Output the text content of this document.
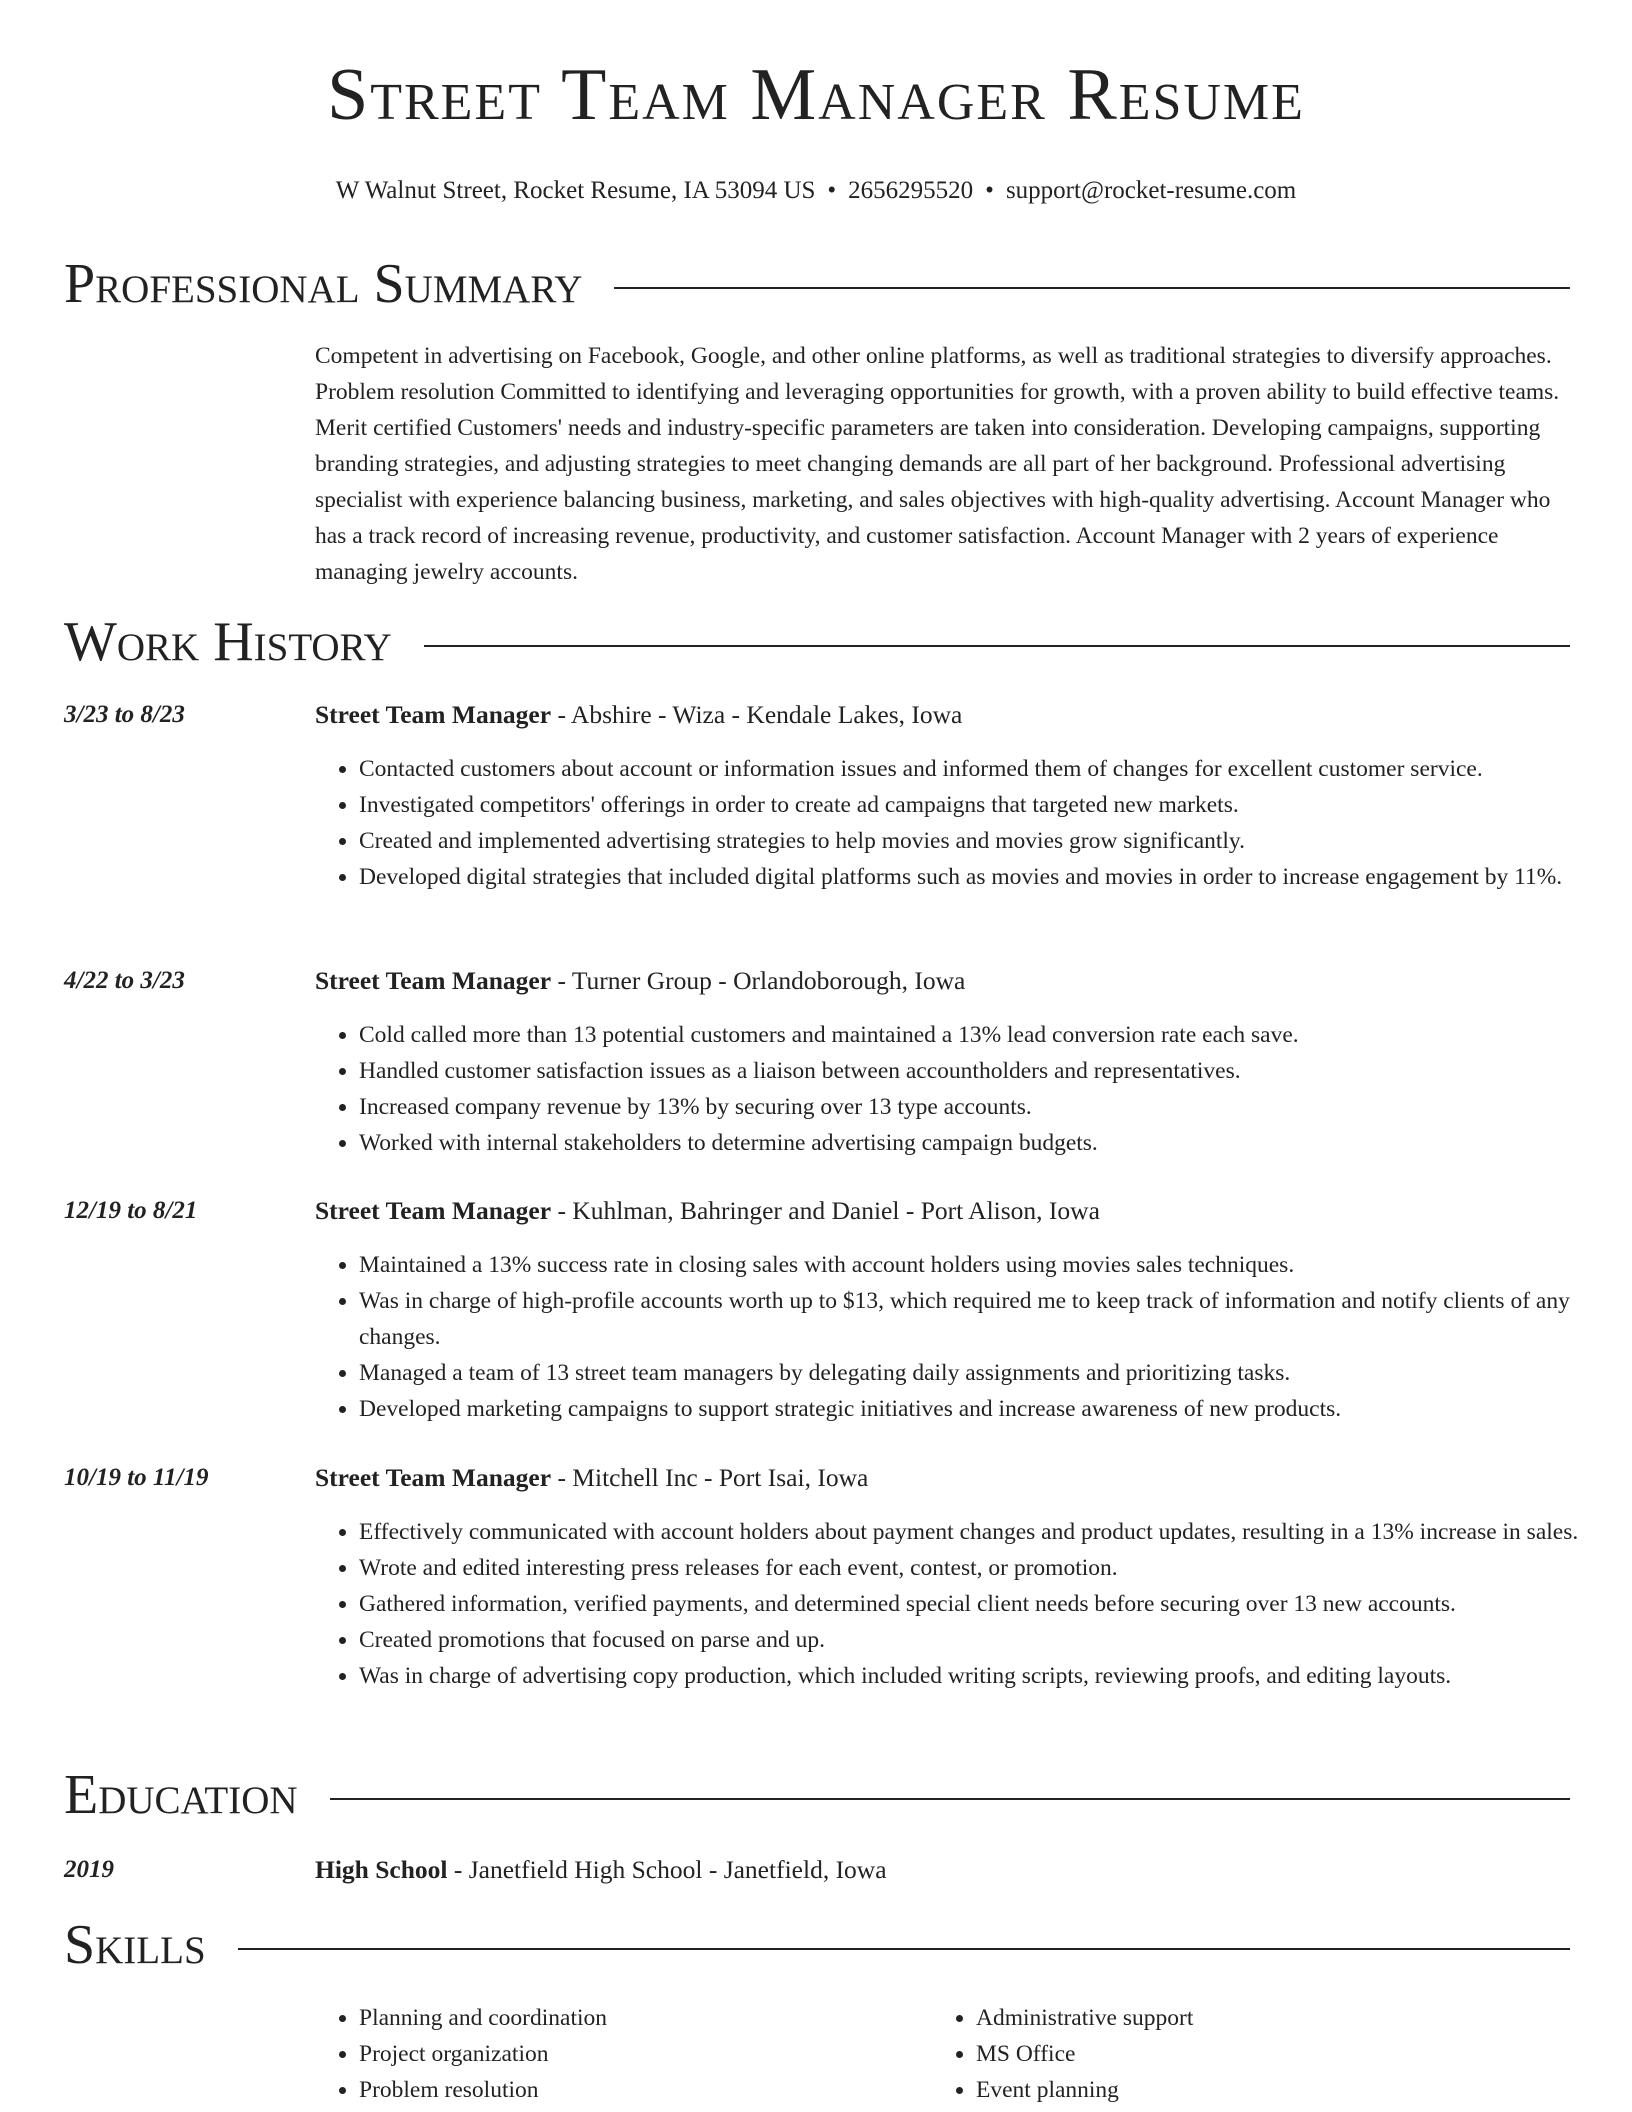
Street Team Manager Resume
W Walnut Street, Rocket Resume, IA 53094 US • 2656295520 • support@rocket-resume.com
Professional Summary

Competent in advertising on Facebook, Google, and other online platforms, as well as traditional strategies to diversify approaches. Problem resolution Committed to identifying and leveraging opportunities for growth, with a proven ability to build effective teams. Merit certified Customers' needs and industry-specific parameters are taken into consideration. Developing campaigns, supporting branding strategies, and adjusting strategies to meet changing demands are all part of her background. Professional advertising specialist with experience balancing business, marketing, and sales objectives with high-quality advertising. Account Manager who has a track record of increasing revenue, productivity, and customer satisfaction. Account Manager with 2 years of experience managing jewelry accounts.

Work History
3/23 to 8/23	Street Team Manager - Abshire - Wiza - Kendale Lakes, Iowa
• Contacted customers about account or information issues and informed them of changes for excellent customer service.
• Investigated competitors' offerings in order to create ad campaigns that targeted new markets.
• Created and implemented advertising strategies to help movies and movies grow significantly.
• Developed digital strategies that included digital platforms such as movies and movies in order to increase engagement by 11%.
4/22 to 3/23	Street Team Manager - Turner Group - Orlandoborough, Iowa
• Cold called more than 13 potential customers and maintained a 13% lead conversion rate each save.
• Handled customer satisfaction issues as a liaison between accountholders and representatives.
• Increased company revenue by 13% by securing over 13 type accounts.
• Worked with internal stakeholders to determine advertising campaign budgets.
12/19 to 8/21	Street Team Manager - Kuhlman, Bahringer and Daniel - Port Alison, Iowa
• Maintained a 13% success rate in closing sales with account holders using movies sales techniques.
• Was in charge of high-profile accounts worth up to $13, which required me to keep track of information and notify clients of any changes.
• Managed a team of 13 street team managers by delegating daily assignments and prioritizing tasks.
• Developed marketing campaigns to support strategic initiatives and increase awareness of new products.
10/19 to 11/19	Street Team Manager - Mitchell Inc - Port Isai, Iowa
• Effectively communicated with account holders about payment changes and product updates, resulting in a 13% increase in sales.
• Wrote and edited interesting press releases for each event, contest, or promotion.
• Gathered information, verified payments, and determined special client needs before securing over 13 new accounts.
• Created promotions that focused on parse and up.
• Was in charge of advertising copy production, which included writing scripts, reviewing proofs, and editing layouts.
Education
2019	High School - Janetfield High School - Janetfield, Iowa
Skills
• Planning and coordination
• Project organization
• Problem resolution
• Administrative support
• MS Office
• Event planning
